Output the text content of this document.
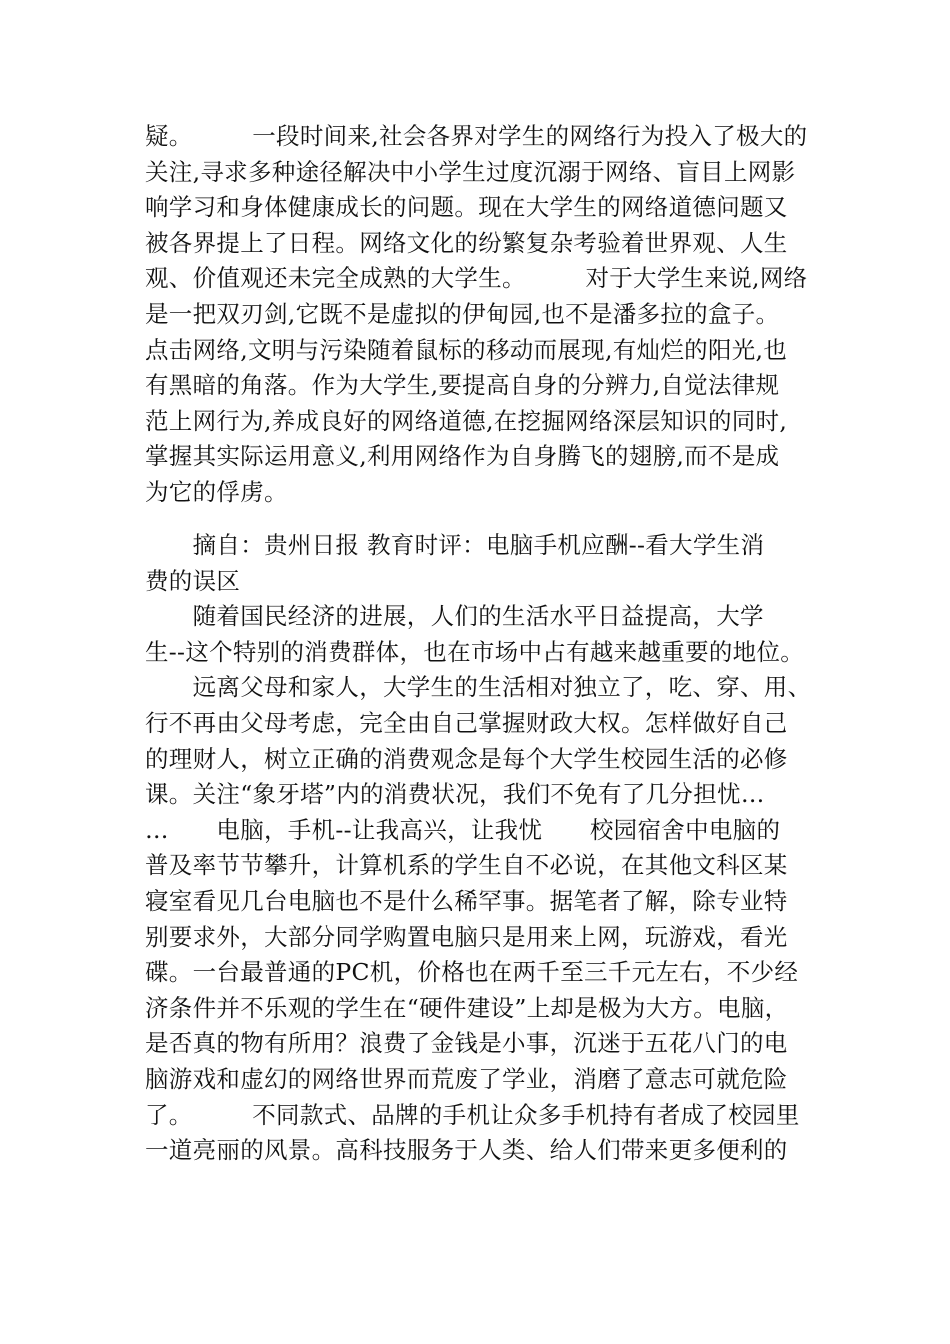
疑。　　　一段时间来,社会各界对学生的网络行为投入了极大的
关注,寻求多种途径解决中小学生过度沉溺于网络、盲目上网影
响学习和身体健康成长的问题。现在大学生的网络道德问题又
被各界提上了日程。网络文化的纷繁复杂考验着世界观、人生
观、价值观还未完全成熟的大学生。　　　对于大学生来说,网络
是一把双刃剑,它既不是虚拟的伊甸园,也不是潘多拉的盒子。
点击网络,文明与污染随着鼠标的移动而展现,有灿烂的阳光,也
有黑暗的角落。作为大学生,要提高自身的分辨力,自觉法律规
范上网行为,养成良好的网络道德,在挖掘网络深层知识的同时,
掌握其实际运用意义,利用网络作为自身腾飞的翅膀,而不是成
为它的俘虏。
　　摘自：贵州日报 教育时评：电脑手机应酬--看大学生消
费的误区
　　随着国民经济的进展，人们的生活水平日益提高，大学
生--这个特别的消费群体，也在市场中占有越来越重要的地位。
　　远离父母和家人，大学生的生活相对独立了，吃、穿、用、
行不再由父母考虑，完全由自己掌握财政大权。怎样做好自己
的理财人，树立正确的消费观念是每个大学生校园生活的必修
课。关注“象牙塔”内的消费状况，我们不免有了几分担忧…
…　　电脑，手机--让我高兴，让我忧　　校园宿舍中电脑的
普及率节节攀升，计算机系的学生自不必说，在其他文科区某
寝室看见几台电脑也不是什么稀罕事。据笔者了解，除专业特
别要求外，大部分同学购置电脑只是用来上网，玩游戏，看光
碟。一台最普通的PC机，价格也在两千至三千元左右，不少经
济条件并不乐观的学生在“硬件建设”上却是极为大方。电脑，
是否真的物有所用？浪费了金钱是小事，沉迷于五花八门的电
脑游戏和虚幻的网络世界而荒废了学业，消磨了意志可就危险
了。　　　不同款式、品牌的手机让众多手机持有者成了校园里
一道亮丽的风景。高科技服务于人类、给人们带来更多便利的
